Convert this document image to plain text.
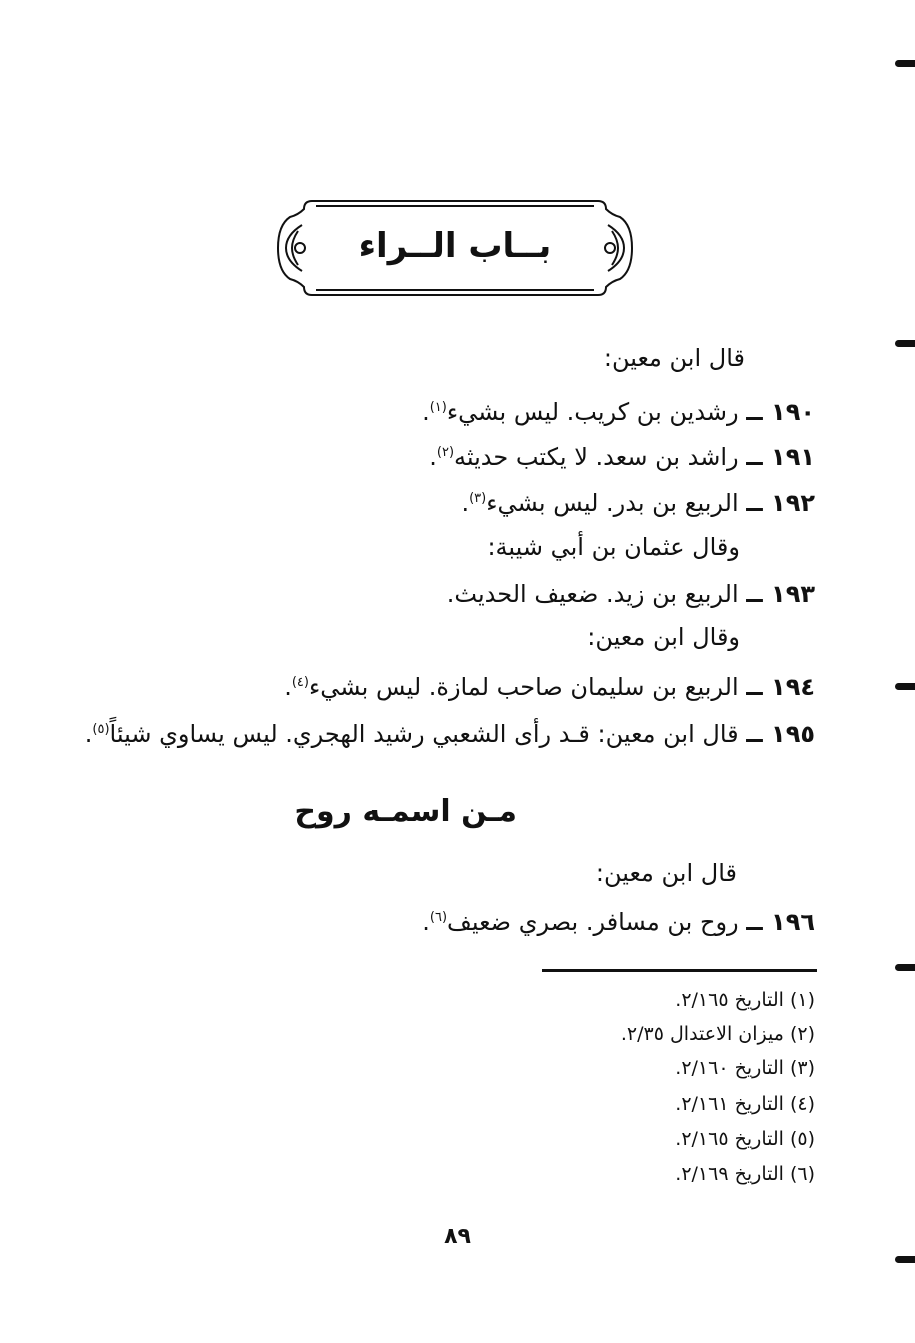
بــاب الــراء
قال ابن معين:
١٩٠ ــ رشدين بن كريب. ليس بشيء$^{(١)}$.
١٩١ ــ راشد بن سعد. لا يكتب حديثه$^{(٢)}$.
١٩٢ ــ الربيع بن بدر. ليس بشيء$^{(٣)}$.
وقال عثمان بن أبي شيبة:
١٩٣ ــ الربيع بن زيد. ضعيف الحديث.
وقال ابن معين:
١٩٤ ــ الربيع بن سليمان صاحب لمازة. ليس بشيء$^{(٤)}$.
١٩٥ ــ قال ابن معين: قـد رأى الشعبي رشيد الهجري. ليس يساوي شيئاً$^{(٥)}$.
مـن اسمـه روح
قال ابن معين:
١٩٦ ــ روح بن مسافر. بصري ضعيف$^{(٦)}$.
(١) التاريخ ٢/١٦٥.
(٢) ميزان الاعتدال ٢/٣٥.
(٣) التاريخ ٢/١٦٠.
(٤) التاريخ ٢/١٦١.
(٥) التاريخ ٢/١٦٥.
(٦) التاريخ ٢/١٦٩.
٨٩
